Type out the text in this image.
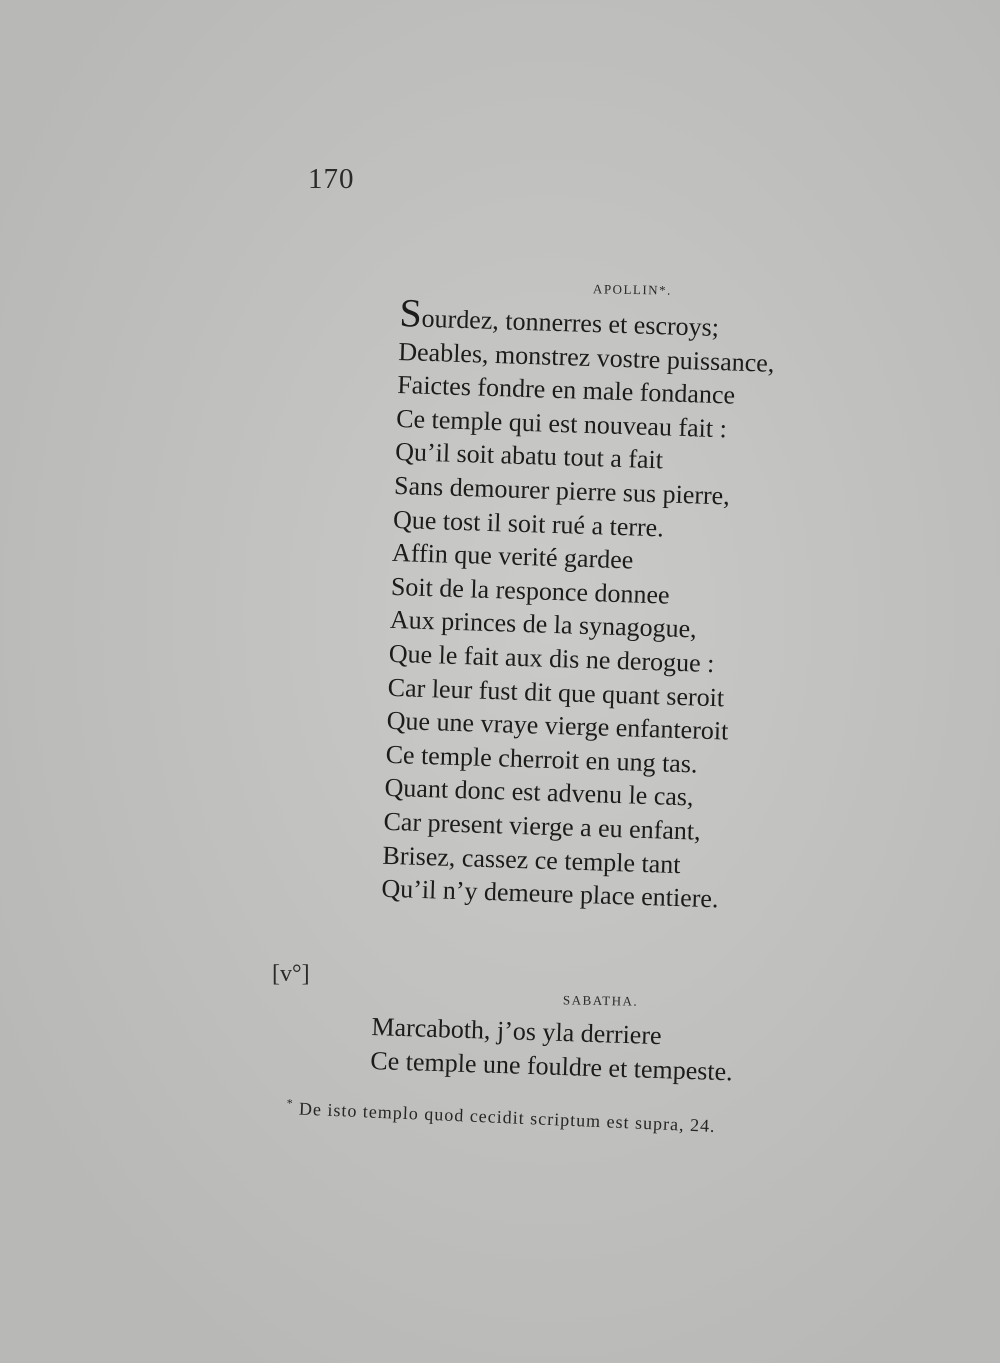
170
APOLLIN*.
Sourdez, tonnerres et escroys;
Deables, monstrez vostre puissance,
Faictes fondre en male fondance
Ce temple qui est nouveau fait :
Qu’il soit abatu tout a fait
Sans demourer pierre sus pierre,
Que tost il soit rué a terre.
Affin que verité gardee
Soit de la responce donnee
Aux princes de la synagogue,
Que le fait aux dis ne derogue :
Car leur fust dit que quant seroit
Que une vraye vierge enfanteroit
Ce temple cherroit en ung tas.
Quant donc est advenu le cas,
Car present vierge a eu enfant,
Brisez, cassez ce temple tant
Qu’il n’y demeure place entiere.
[v°]
SABATHA.
Marcaboth, j’os yla derriere
Ce temple une fouldre et tempeste.
* De isto templo quod cecidit scriptum est supra, 24.
